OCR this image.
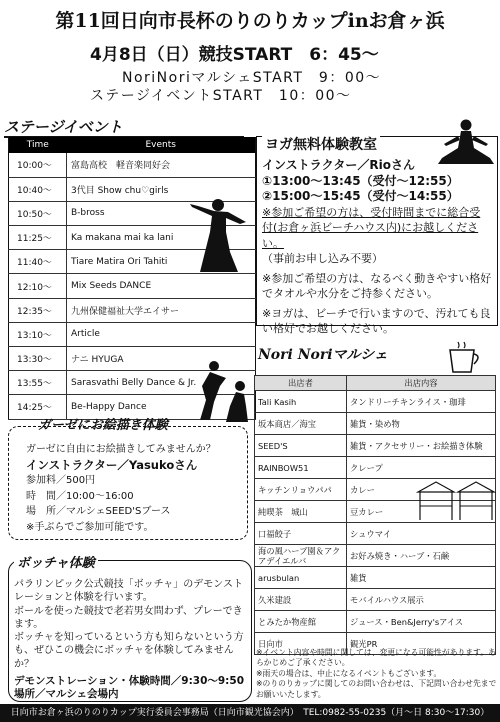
第11回日向市長杯のりのりカップinお倉ヶ浜
4月8日（日）競技START　6：45～
NoriNoriマルシェSTART　9：00～
ステージイベントSTART　10：00～
ステージイベント
Time	Events
10:00～	富島高校　軽音楽同好会
10:40～	3代目 Show chu♡girls
10:50～	B-bross
11:25～	Ka makana mai ka lani
11:40～	Tiare Matira Ori Tahiti
12:10～	Mix Seeds DANCE
12:35～	九州保健福祉大学エイサー
13:10～	Article
13:30～	ナニ HYUGA
13:55～	Sarasvathi Belly Dance & Jr.
14:25～	Be-Happy Dance
ヨガ無料体験教室
インストラクター／Rioさん
①13:00～13:45（受付～12:55）
②15:00～15:45（受付～14:55）
※参加ご希望の方は、受付時間までに総合受
付(お倉ヶ浜ビーチハウス内)にお越しください。
（事前お申し込み不要）
※参加ご希望の方は、なるべく動きやすい格好
でタオルや水分をご持参ください。
※ヨガは、ビーチで行いますので、汚れても良
い格好でお越しください。
Nori Noriマルシェ
出店者	出店内容
Tali Kasih	タンドリーチキンライス・珈琲
坂本商店／海宝	雑貨・染め物
SEED'S	雑貨・アクセサリー・お絵描き体験
RAINBOW51	クレープ
キッチンリョウパパ	カレー
純喫茶　城山	豆カレー
口福餃子	シュウマイ
海の風ハーブ園＆アクアデイエルバ	お好み焼き・ハーブ・石鹸
arusbulan	雑貨
久米建設	モバイルハウス展示
とみたか物産館	ジュース・Ben&Jerry'sアイス
日向市	観光PR
※イベント内容や時間に関しては、変更になる可能性があります。あらかじめご了承ください。
※雨天の場合は、中止になるイベントもございます。
※のりのりカップに関してのお問い合わせは、下記問い合わせ先までお願いいたします。
ガーゼにお絵描き体験
ガーゼに自由にお絵描きしてみませんか？
インストラクター／Yasukoさん
参加料／500円
時　間／10:00～16:00
場　所／マルシェSEED'Sブース
※手ぶらでご参加可能です。
ボッチャ体験
パラリンピック公式競技「ボッチャ」のデモンストレーションと体験を行います。
ボールを使った競技で老若男女問わず、プレーできます。
ボッチャを知っているという方も知らないという方も、ぜひこの機会にボッチャを体験してみませんか？
デモンストレーション・体験時間／9:30～9:50
場所／マルシェ会場内
日向市お倉ヶ浜のりのりカップ実行委員会事務局（日向市観光協会内）　TEL:0982-55-0235（月～日 8:30～17:30）
